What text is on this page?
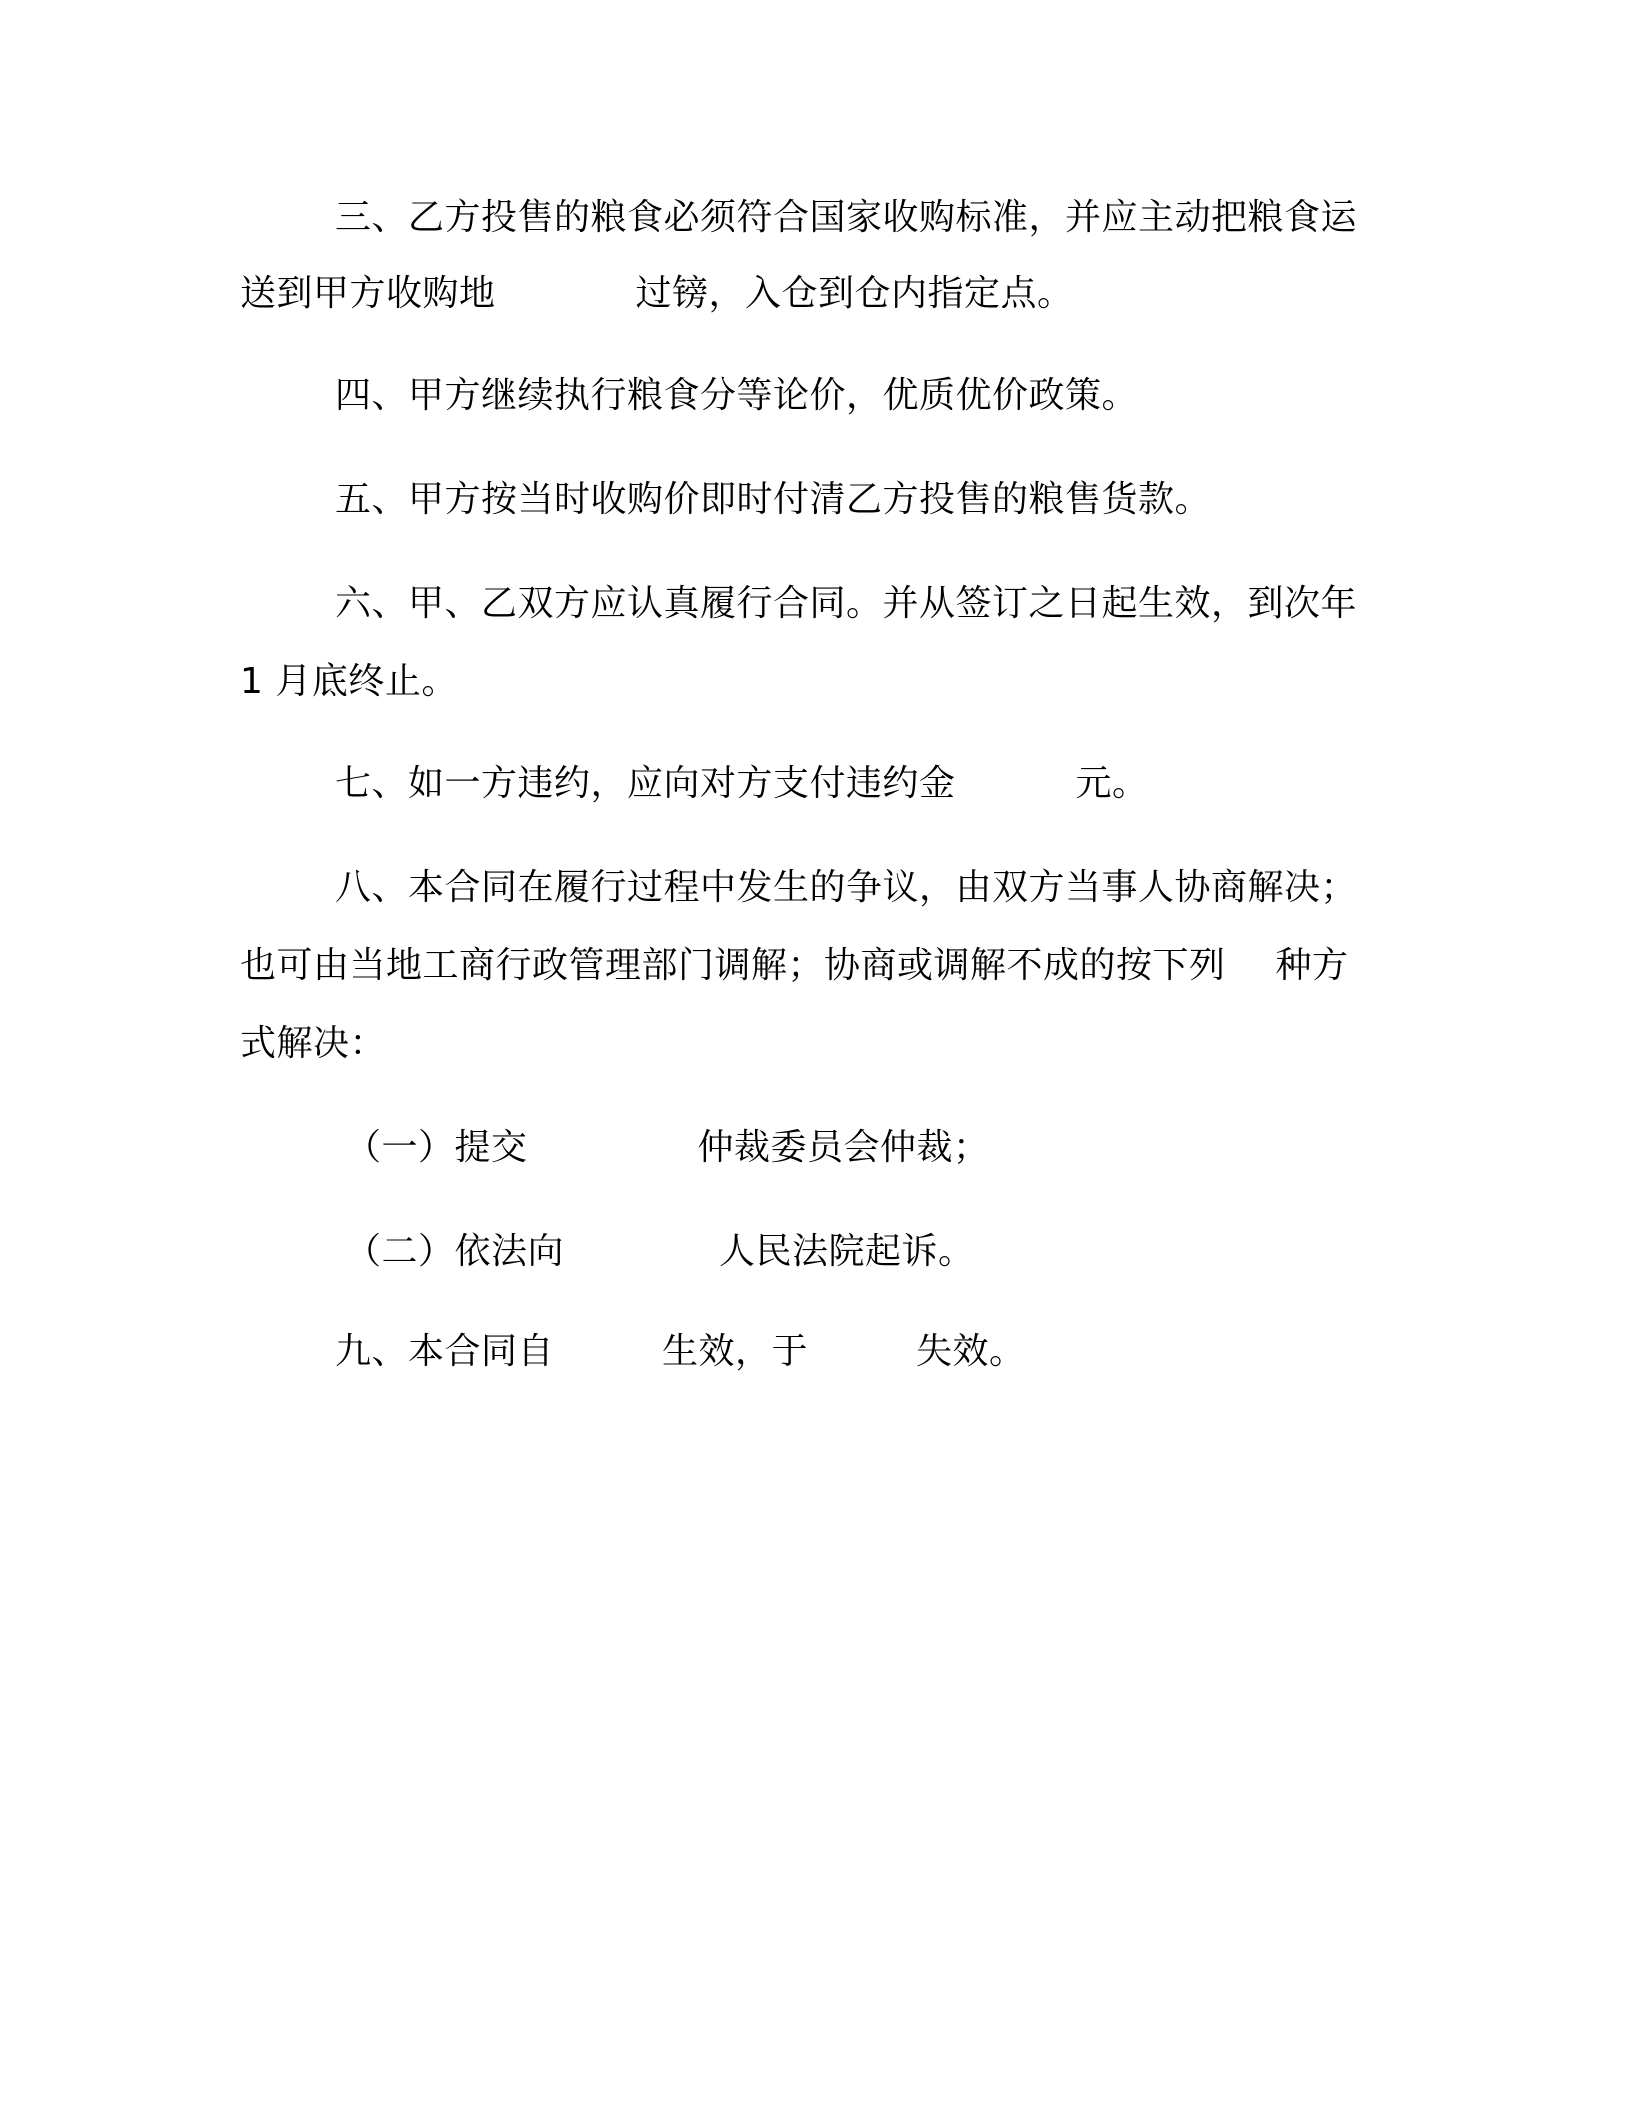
三、乙方投售的粮食必须符合国家收购标准，并应主动把粮食运
送到甲方收购地	过镑，入仓到仓内指定点。
四、甲方继续执行粮食分等论价，优质优价政策。
五、甲方按当时收购价即时付清乙方投售的粮售货款。
六、甲、乙双方应认真履行合同。并从签订之日起生效，到次年
1 月底终止。
七、如一方违约，应向对方支付违约金	元。
八、本合同在履行过程中发生的争议，由双方当事人协商解决；
也可由当地工商行政管理部门调解；协商或调解不成的按下列 种方
式解决：
（一）提交	仲裁委员会仲裁；
（二）依法向	人民法院起诉。
九、本合同自	生效，于	失效。
